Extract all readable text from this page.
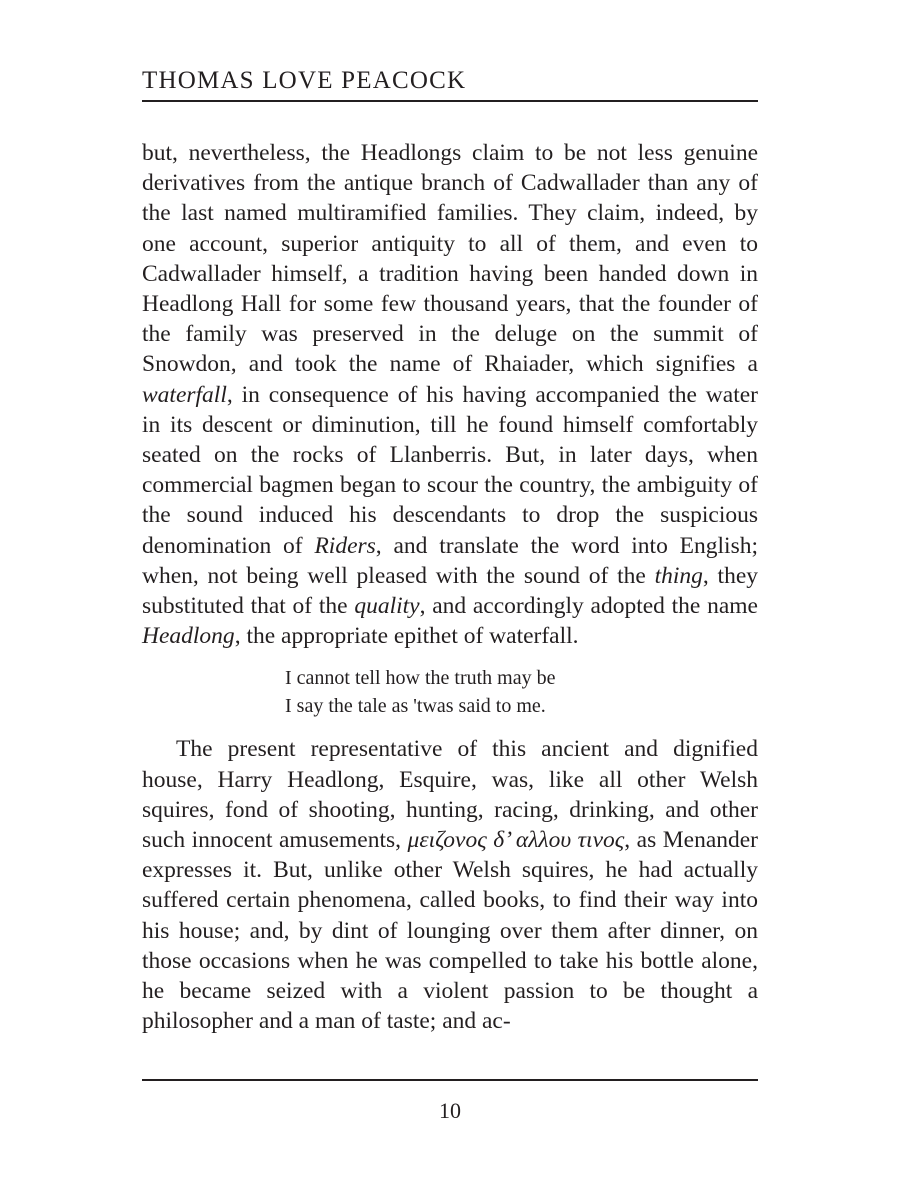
THOMAS LOVE PEACOCK

but, nevertheless, the Headlongs claim to be not less genuine derivatives from the antique branch of Cadwallader than any of the last named multiramified families. They claim, indeed, by one account, superior antiquity to all of them, and even to Cadwallader himself, a tradition having been handed down in Headlong Hall for some few thousand years, that the founder of the family was preserved in the deluge on the summit of Snowdon, and took the name of Rhaiader, which signifies a waterfall, in consequence of his having accompanied the water in its descent or diminution, till he found himself comfortably seated on the rocks of Llanberris. But, in later days, when commercial bagmen began to scour the country, the ambiguity of the sound induced his descendants to drop the suspicious denomination of Riders, and translate the word into English; when, not being well pleased with the sound of the thing, they substituted that of the quality, and accordingly adopted the name Headlong, the appropriate epithet of waterfall.

I cannot tell how the truth may be
I say the tale as 'twas said to me.

The present representative of this ancient and dignified house, Harry Headlong, Esquire, was, like all other Welsh squires, fond of shooting, hunting, racing, drinking, and other such innocent amusements, μειζονος δ’ αλλου τινος, as Menander expresses it. But, unlike other Welsh squires, he had actually suffered certain phenomena, called books, to find their way into his house; and, by dint of lounging over them after dinner, on those occasions when he was compelled to take his bottle alone, he became seized with a violent passion to be thought a philosopher and a man of taste; and ac-

10
